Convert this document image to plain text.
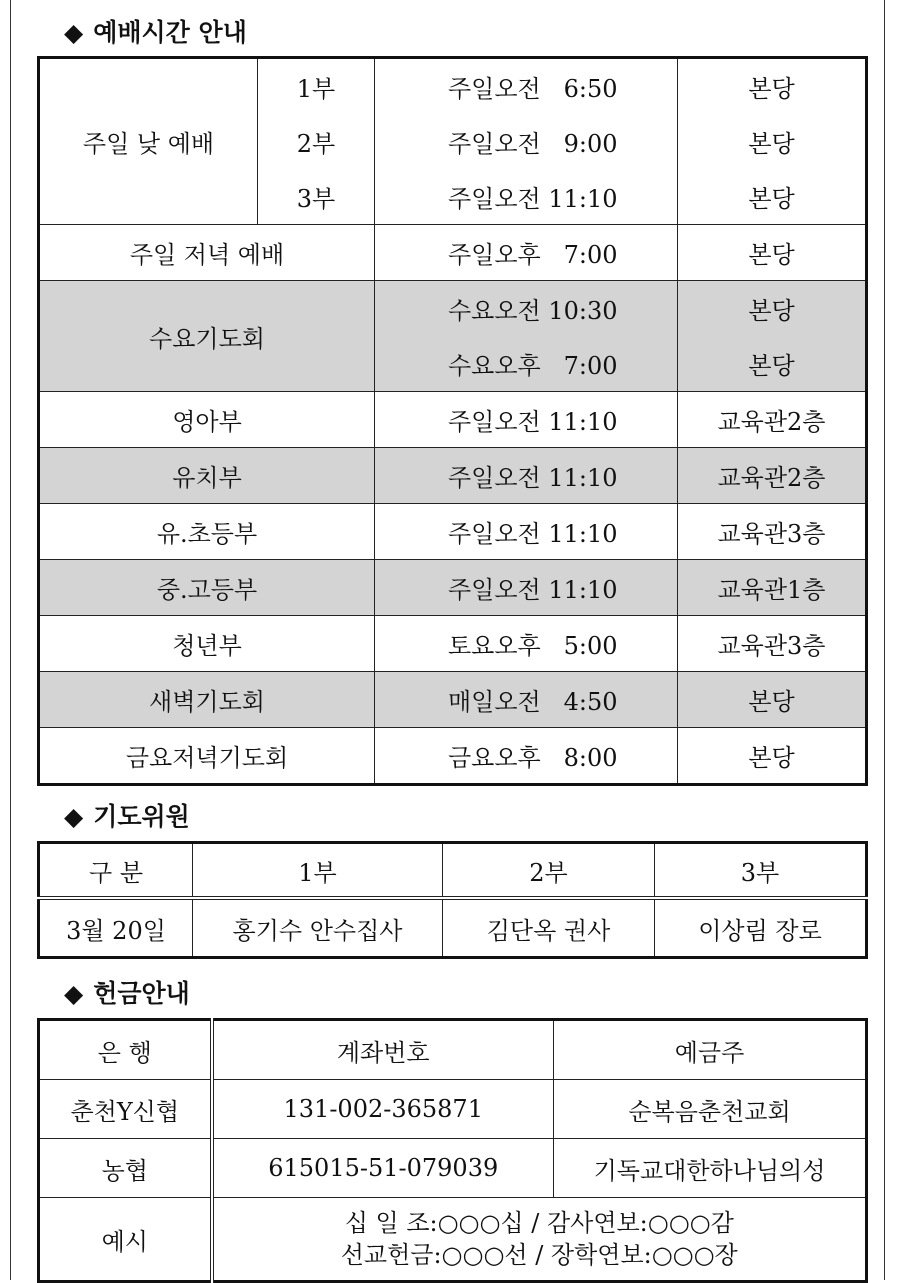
◆ 예배시간 안내
주일 낮 예배	1부	주일오전 6:50	본당
	2부	주일오전 9:00	본당
	3부	주일오전 11:10	본당
주일 저녁 예배		주일오후 7:00	본당
수요기도회		수요오전 10:30	본당
		수요오후 7:00	본당
영아부		주일오전 11:10	교육관2층
유치부		주일오전 11:10	교육관2층
유.초등부		주일오전 11:10	교육관3층
중.고등부		주일오전 11:10	교육관1층
청년부		토요오후 5:00	교육관3층
새벽기도회		매일오전 4:50	본당
금요저녁기도회		금요오후 8:00	본당
◆ 기도위원
구 분	1부	2부	3부
3월 20일	홍기수 안수집사	김단옥 권사	이상림 장로
◆ 헌금안내
은 행	계좌번호	예금주
춘천Y신협	131-002-365871	순복음춘천교회
농협	615015-51-079039	기독교대한하나님의성
예시	십 일 조:○○○십 / 감사연보:○○○감
선교헌금:○○○선 / 장학연보:○○○장	
